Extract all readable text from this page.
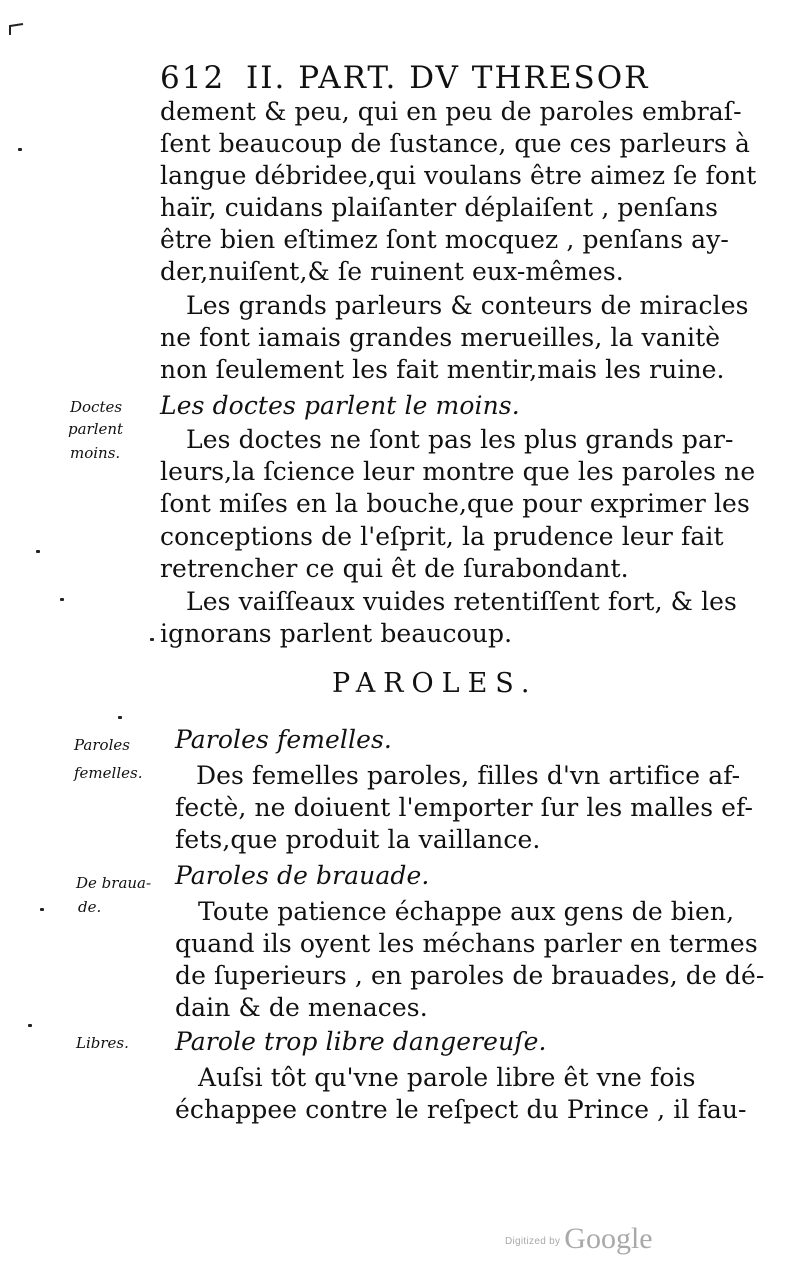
612 II. PART. DV THRESOR
dement & peu, qui en peu de paroles embraſ-
ſent beaucoup de ſustance, que ces parleurs à
langue débridee,qui voulans être aimez ſe font
haïr, cuidans plaiſanter déplaiſent , penſans
être bien eſtimez ſont mocquez , penſans ay-
der,nuiſent,& ſe ruinent eux-mêmes.
Les grands parleurs & conteurs de miracles
ne font iamais grandes merueilles, la vanitè
non ſeulement les fait mentir,mais les ruine.
Les doctes parlent le moins.
Les doctes ne ſont pas les plus grands par-
leurs,la ſcience leur montre que les paroles ne
ſont miſes en la bouche,que pour exprimer les
conceptions de l'eſprit, la prudence leur fait
retrencher ce qui êt de ſurabondant.
Les vaiſſeaux vuides retentiſſent fort, & les
ignorans parlent beaucoup.
PAROLES.
Paroles femelles.
Des femelles paroles, filles d'vn artifice af-
fectè, ne doiuent l'emporter ſur les malles ef-
fets,que produit la vaillance.
Paroles de brauade.
Toute patience échappe aux gens de bien,
quand ils oyent les méchans parler en termes
de ſuperieurs , en paroles de brauades, de dé-
dain & de menaces.
Parole trop libre dangereuſe.
Auſsi tôt qu'vne parole libre êt vne fois
échappee contre le reſpect du Prince , il fau-
Doctes
parlent
moins.
Paroles
femelles.
De braua-
de.
Libres.
$^{Digitized by}$ Google
